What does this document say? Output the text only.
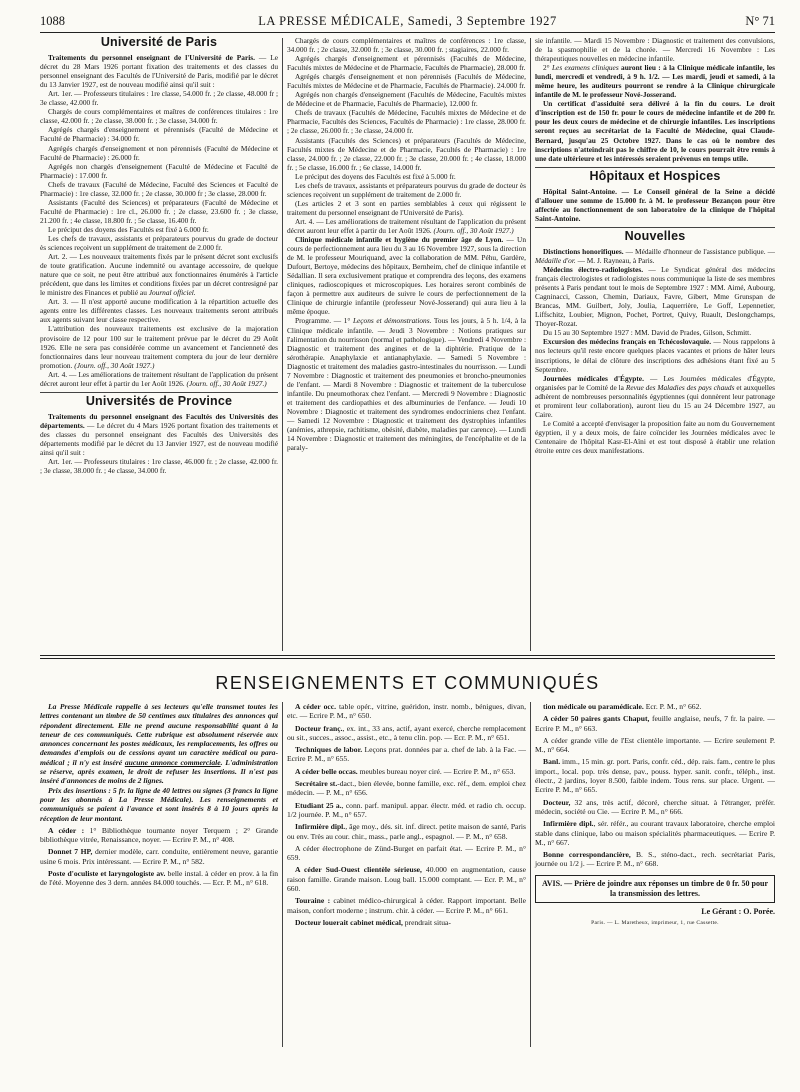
1088	LA PRESSE MÉDICALE, Samedi, 3 Septembre 1927	N° 71
Université de Paris

Traitements du personnel enseignant de l'Université de Paris. — Le décret du 28 Mars 1926 portant fixation des traitements et des classes du personnel enseignant des Facultés de l'Université de Paris, modifié par le décret du 13 Janvier 1927, est de nouveau modifié ainsi qu'il suit :

Art. 1er. — Professeurs titulaires : 1re classe, 54.000 fr. ; 2e classe, 48.000 fr ; 3e classe, 42.000 fr.

Chargés de cours complémentaires et maîtres de conférences titulaires : 1re classe, 42.000 fr. ; 2e classe, 38.000 fr. ; 3e classe, 34.000 fr.

Agrégés chargés d'enseignement et pérennisés (Faculté de Médecine et Faculté de Pharmacie) : 34.000 fr.

Agrégés chargés d'enseignement et non pérennisés (Faculté de Médecine et Faculté de Pharmacie) : 26.000 fr.

Agrégés non chargés d'enseignement (Faculté de Médecine et Faculté de Pharmacie) : 17.000 fr.

Chefs de travaux (Faculté de Médecine, Faculté des Sciences et Faculté de Pharmacie) : 1re classe, 32.000 fr. ; 2e classe, 30.000 fr ; 3e classe, 28.000 fr.

Assistants (Faculté des Sciences) et préparateurs (Faculté de Médecine et Faculté de Pharmacie) : 1re cl., 26.000 fr. ; 2e classe, 23.600 fr. ; 3e classe, 21.200 fr. ; 4e classe, 18.800 fr. ; 5e classe, 16.400 fr.

Le préciput des doyens des Facultés est fixé à 6.000 fr.

Les chefs de travaux, assistants et préparateurs pourvus du grade de docteur ès sciences reçoivent un supplément de traitement de 2.000 fr.

Art. 2. — Les nouveaux traitements fixés par le présent décret sont exclusifs de toute gratification. Aucune indemnité ou avantage accessoire, de quelque nature que ce soit, ne peut être attribué aux fonctionnaires énumérés à l'article précédent, que dans les limites et conditions fixées par un décret contresigné par le ministre des Finances et publié au Journal officiel.

Art. 3. — Il n'est apporté aucune modification à la répartition actuelle des agents entre les différentes classes. Les nouveaux traitements seront attribués aux agents suivant leur classe respective.

L'attribution des nouveaux traitements est exclusive de la majoration provisoire de 12 pour 100 sur le traitement prévue par le décret du 29 Août 1926. Elle ne sera pas considérée comme un avancement et l'ancienneté des fonctionnaires dans leur nouveau traitement comptera du jour de leur dernière promotion. (Journ. off., 30 Août 1927.)

Art. 4. — Les améliorations de traitement résultant de l'application du présent décret auront leur effet à partir du 1er Août 1926. (Journ. off., 30 Août 1927.)

Universités de Province

Traitements du personnel enseignant des Facultés des Universités des départements. — Le décret du 4 Mars 1926 portant fixation des traitements et des classes du personnel enseignant des Facultés des Universités des départements modifié par le décret du 13 Janvier 1927, est de nouveau modifié ainsi qu'il suit :

Art. 1er. — Professeurs titulaires : 1re classe, 46.000 fr. ; 2e classe, 42.000 fr. ; 3e classe, 38.000 fr. ; 4e classe, 34.000 fr.

Chargés de cours complémentaires et maîtres de conférences : 1re classe, 34.000 fr. ; 2e classe, 32.000 fr. ; 3e classe, 30.000 fr. ; stagiaires, 22.000 fr.

Agrégés chargés d'enseignement et pérennisés (Facultés de Médecine, Facultés mixtes de Médecine et de Pharmacie, Facultés de Pharmacie), 28.000 fr.

Agrégés chargés d'enseignement et non pérennisés (Facultés de Médecine, Facultés mixtes de Médecine et de Pharmacie, Facultés de Pharmacie). 24.000 fr.

Agrégés non chargés d'enseignement (Facultés de Médecine, Facultés mixtes de Médecine et de Pharmacie, Facultés de Pharmacie), 12.000 fr.

Chefs de travaux (Facultés de Médecine, Facultés mixtes de Médecine et de Pharmacie, Facultés des Sciences, Facultés de Pharmacie) : 1re classe, 28.000 fr. ; 2e classe, 26.000 fr. ; 3e classe, 24.000 fr.

Assistants (Facultés des Sciences) et préparateurs (Facultés de Médecine, Facultés mixtes de Médecine et de Pharmacie, Facultés de Pharmacie) : 1re classe, 24.000 fr. ; 2e classe, 22.000 fr. ; 3e classe, 20.000 fr. ; 4e classe, 18.000 fr. ; 5e classe, 16.000 fr. ; 6e classe, 14.000 fr.

Le préciput des doyens des Facultés est fixé à 5.000 fr.

Les chefs de travaux, assistants et préparateurs pourvus du grade de docteur ès sciences reçoivent un supplément de traitement de 2.000 fr.

(Les articles 2 et 3 sont en parties semblables à ceux qui régissent le traitement du personnel enseignant de l'Université de Paris).

Art. 4. — Les améliorations de traitement résultant de l'application du présent décret auront leur effet à partir du 1er Août 1926. (Journ. off., 30 Août 1927.)

Clinique médicale infantile et hygiène du premier âge de Lyon. — Un cours de perfectionnement aura lieu du 3 au 16 Novembre 1927, sous la direction de M. le professeur Mouriquand, avec la collaboration de MM. Péhu, Gardère, Dufourt, Bertoye, médecins des hôpitaux, Bernheim, chef de clinique infantile et Sédallian. Il sera exclusivement pratique et comprendra des leçons, des examens cliniques, radioscopiques et microscopiques. Les horaires seront combinés de façon à permettre aux auditeurs de suivre le cours de perfectionnement de la Clinique de chirurgie infantile (professeur Nové-Josserand) qui aura lieu à la même époque.

Programme. — 1° Leçons et démonstrations. Tous les jours, à 5 h. 1/4, à la Clinique médicale infantile. — Jeudi 3 Novembre : Notions pratiques sur l'alimentation du nourrisson (normal et pathologique). — Vendredi 4 Novembre : Diagnostic et traitement des angines et de la diphtérie. Pratique de la sérothérapie. Anaphylaxie et antianaphylaxie. — Samedi 5 Novembre : Diagnostic et traitement des maladies gastro-intestinales du nourrisson. — Lundi 7 Novembre : Diagnostic et traitement des pneumonies et broncho-pneumonies de l'enfant. — Mardi 8 Novembre : Diagnostic et traitement de la tuberculose infantile. Du pneumothorax chez l'enfant. — Mercredi 9 Novembre : Diagnostic et traitement des cardiopathies et des albuminuries de l'enfance. — Jeudi 10 Novembre : Diagnostic et traitement des syndromes endocriniens chez l'enfant. — Samedi 12 Novembre : Diagnostic et traitement des dystrophies infantiles (anémies, athrepsie, rachitisme, obésité, diabète, maladies par carence). — Lundi 14 Novembre : Diagnostic et traitement des méningites, de l'encéphalite et de la paraly-

sie infantile. — Mardi 15 Novembre : Diagnostic et traitement des convulsions, de la spasmophilie et de la chorée. — Mercredi 16 Novembre : Les thérapeutiques nouvelles en médecine infantile.

2° Les examens cliniques auront lieu : à la Clinique médicale infantile, les lundi, mercredi et vendredi, à 9 h. 1/2. — Les mardi, jeudi et samedi, à la même heure, les auditeurs pourront se rendre à la Clinique chirurgicale infantile de M. le professeur Nové-Josserand.

Un certificat d'assiduité sera délivré à la fin du cours. Le droit d'inscription est de 150 fr. pour le cours de médecine infantile et de 200 fr. pour les deux cours de médecine et de chirurgie infantiles. Les inscriptions seront reçues au secrétariat de la Faculté de Médecine, quai Claude-Bernard, jusqu'au 25 Octobre 1927. Dans le cas où le nombre des inscriptions n'atteindrait pas le chiffre de 10, le cours pourrait être remis à une date ultérieure et les intéressés seraient prévenus en temps utile.

Hôpitaux et Hospices

Hôpital Saint-Antoine. — Le Conseil général de la Seine a décidé d'allouer une somme de 15.000 fr. à M. le professeur Bezançon pour être affectée au fonctionnement de son laboratoire de la clinique de l'hôpital Saint-Antoine.

Nouvelles

Distinctions honorifiques. — Médaille d'honneur de l'assistance publique. — Médaille d'or. — M. J. Rayneau, à Paris.

Médecins électro-radiologistes. — Le Syndicat général des médecins français électrologistes et radiologistes nous communique la liste de ses membres présents à Paris pendant tout le mois de Septembre 1927 : MM. Aimé, Aubourg, Cagninacci, Casson, Chemin, Dariaux, Favre, Gibert, Mme Grunspan de Brancas, MM. Guilbert, Joly, Joulia, Laquerrière, Le Goff, Lepennetier, Liffschitz, Loubier, Mignon, Pochet, Portret, Quivy, Ruault, Deslongchamps, Thoyer-Rozat.

Du 15 au 30 Septembre 1927 : MM. David de Prades, Gilson, Schmitt.

Excursion des médecins français en Tchécoslovaquie. — Nous rappelons à nos lecteurs qu'il reste encore quelques places vacantes et prions de hâter leurs inscriptions, le délai de clôture des inscriptions des adhésions étant fixé au 5 Septembre.

Journées médicales d'Égypte. — Les Journées médicales d'Égypte, organisées par le Comité de la Revue des Maladies des pays chauds et auxquelles adhèrent de nombreuses personnalités égyptiennes (qui donnèrent leur patronage et promirent leur collaboration), auront lieu du 15 au 24 Décembre 1927, au Caire.

Le Comité a accepté d'envisager la proposition faite au nom du Gouvernement égyptien, il y a deux mois, de faire coïncider les Journées médicales avec le Centenaire de l'hôpital Kasr-El-Aïni et est tout disposé à établir une relation étroite entre ces deux manifestations.

RENSEIGNEMENTS ET COMMUNIQUÉS

La Presse Médicale rappelle à ses lecteurs qu'elle transmet toutes les lettres contenant un timbre de 50 centimes aux titulaires des annonces qui répondent directement. Elle ne prend aucune responsabilité quant à la teneur de ces communiqués. Cette rubrique est absolument réservée aux annonces concernant les postes médicaux, les remplacements, les offres ou demandes d'emplois ou de cessions ayant un caractère médical ou para-médical ; il n'y est inséré aucune annonce commerciale. L'administration se réserve, après examen, le droit de refuser les insertions. Il n'est pas inséré d'annonces de moins de 2 lignes.

Prix des insertions : 5 fr. la ligne de 40 lettres ou signes (3 francs la ligne pour les abonnés à La Presse Médicale). Les renseignements et communiqués se paient à l'avance et sont insérés 8 à 10 jours après la réception de leur montant.

A céder : 1° Bibliothèque tournante noyer Terquem ; 2° Grande bibliothèque vitrée, Renaissance, noyer. — Ecrire P. M., n° 408.

Donnet 7 HP, dernier modèle, carr. conduite, entièrement neuve, garantie usine 6 mois. Prix intéressant. — Ecrire P. M., n° 582.

Poste d'oculiste et laryngologiste av. belle instal. à céder en prov. à la fin de l'été. Moyenne des 3 dern. années 84.000 touchés. — Ecr. P. M., n° 618.

A céder occ. table opér., vitrine, guéridon, instr. nomb., bénigues, divan, etc. — Ecrire P. M., n° 650.

Docteur franç., ex. int., 33 ans, actif, ayant exercé, cherche remplacement ou sit., succes., assoc., assist., etc., à tenu clin. pop. — Ecr. P. M., n° 651.

Techniques de labor. Leçons prat. données par a. chef de lab. à la Fac. — Ecrire P. M., n° 655.

A céder belle occas. meubles bureau noyer ciré. — Ecrire P. M., n° 653.

Secrétaire st.-dact., bien élevée, bonne famille, exc. réf., dem. emploi chez médecin. — P. M., n° 656.

Etudiant 25 a., conn. parf. manipul. appar. électr. méd. et radio ch. occup. 1/2 journée. P. M., n° 657.

Infirmière dipl., âge moy., dés. sit. inf. direct. petite maison de santé, Paris ou env. Très au cour. chir., mass., parle angl., espagnol. — P. M., n° 658.

A céder électrophone de Zünd-Burget en parfait état. — Ecrire P. M., n° 659.

A céder Sud-Ouest clientèle sérieuse, 40.000 en augmentation, cause raison famille. Grande maison. Loug ball. 15.000 comptant. — Ecr. P. M., n° 660.

Touraine : cabinet médico-chirurgical à céder. Rapport important. Belle maison, confort moderne ; instrum. chir. à céder. — Ecrire P. M., n° 661.

Docteur louerait cabinet médical, prendrait situa-

tion médicale ou paramédicale. Ecr. P. M., n° 662.

A céder 50 paires gants Chaput, feuille anglaise, neufs, 7 fr. la paire. — Ecrire P. M., n° 663.

A céder grande ville de l'Est clientèle importante. — Ecrire seulement P. M., n° 664.

Banl. imm., 15 min. gr. port. Paris, confr. céd., dép. rais. fam., centre le plus import., local. pop. très dense, pav., pouss. hyper. sanit. confr., téléph., inst. électr., 2 jardins, loyer 8.500, faible indem. Tous rens. sur place. Urgent. — Ecrire P. M., n° 665.

Docteur, 32 ans, très actif, décoré, cherche situat. à l'étranger, préfér. médecin, société ou Cie. — Ecrire P. M., n° 666.

Infirmière dipl., sér. référ., au courant travaux laboratoire, cherche emploi stable dans clinique, labo ou maison spécialités pharmaceutiques. — Ecrire P. M., n° 667.

Bonne correspondancière, B. S., sténo-dact., rech. secrétariat Paris, journée ou 1/2 j. — Ecrire P. M., n° 668.

AVIS. — Prière de joindre aux réponses un timbre de 0 fr. 50 pour la transmission des lettres.
Le Gérant : O. Porée.
Paris. — L. Maretheux, imprimeur, 1, rue Cassette.
